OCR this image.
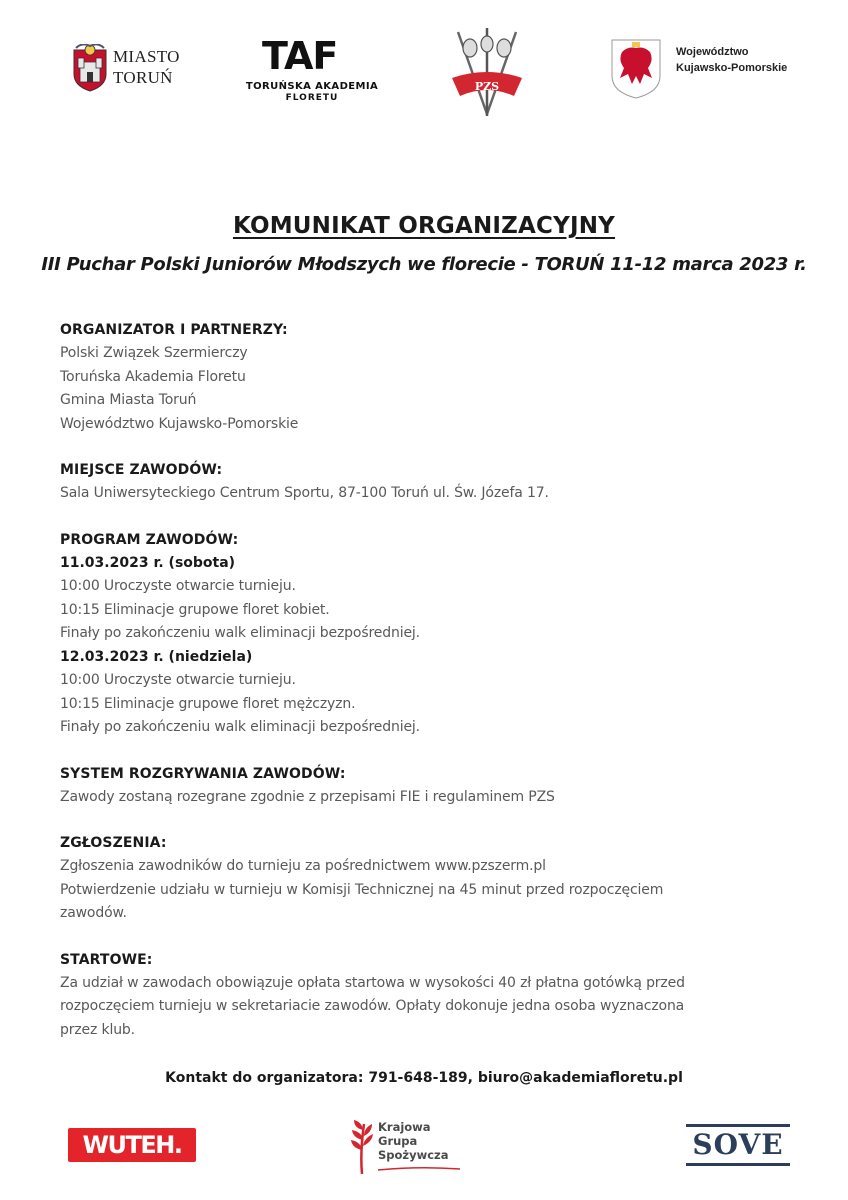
MIASTO
TORUŃ TAF
TORUŃSKA AKADEMIA
FLORETU
PZS
Województwo
Kujawsko-Pomorskie
KOMUNIKAT ORGANIZACYJNY
III Puchar Polski Juniorów Młodszych we florecie - TORUŃ 11-12 marca 2023 r.
ORGANIZATOR I PARTNERZY:
Polski Związek Szermierczy
Toruńska Akademia Floretu
Gmina Miasta Toruń
Województwo Kujawsko-Pomorskie
MIEJSCE ZAWODÓW:
Sala Uniwersyteckiego Centrum Sportu, 87-100 Toruń ul. Św. Józefa 17.
PROGRAM ZAWODÓW:
11.03.2023 r. (sobota)
10:00 Uroczyste otwarcie turnieju.
10:15 Eliminacje grupowe floret kobiet.
Finały po zakończeniu walk eliminacji bezpośredniej.
12.03.2023 r. (niedziela)
10:00 Uroczyste otwarcie turnieju.
10:15 Eliminacje grupowe floret mężczyzn.
Finały po zakończeniu walk eliminacji bezpośredniej.
SYSTEM ROZGRYWANIA ZAWODÓW:
Zawody zostaną rozegrane zgodnie z przepisami FIE i regulaminem PZS
ZGŁOSZENIA:
Zgłoszenia zawodników do turnieju za pośrednictwem www.pzszerm.pl
Potwierdzenie udziału w turnieju w Komisji Technicznej na 45 minut przed rozpoczęciem
zawodów.
STARTOWE:
Za udział w zawodach obowiązuje opłata startowa w wysokości 40 zł płatna gotówką przed
rozpoczęciem turnieju w sekretariacie zawodów. Opłaty dokonuje jedna osoba wyznaczona
przez klub.
Kontakt do organizatora: 791-648-189, biuro@akademiafloretu.pl
WUTEH.
Krajowa
Grupa
Spożywcza	SOVE
